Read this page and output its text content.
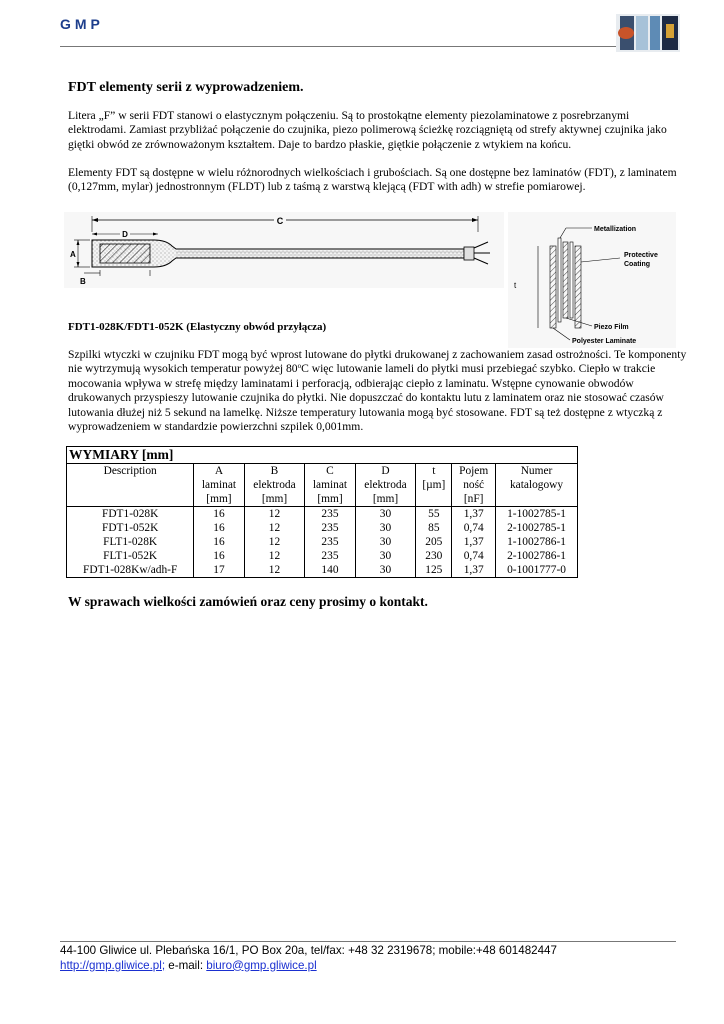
GMP
FDT elementy serii z wyprowadzeniem.
Litera „F” w serii FDT stanowi o elastycznym połączeniu. Są to prostokątne elementy piezolaminatowe z posrebrzanymi elektrodami. Zamiast przybliżać połączenie do czujnika, piezo polimerową ścieżkę rozciągniętą od strefy aktywnej czujnika jako giętki obwód ze zrównoważonym kształtem. Daje to bardzo płaskie, giętkie połączenie z wtykiem na końcu.
Elementy FDT są dostępne w wielu różnorodnych wielkościach i grubościach. Są one dostępne bez laminatów (FDT), z laminatem (0,127mm, mylar) jednostronnym (FLDT) lub z taśmą z warstwą klejącą (FDT with adh) w strefie pomiarowej.
C
D
A
B	t
Metallization
Protective
Coating
Piezo Film
Polyester Laminate
FDT1-028K/FDT1-052K (Elastyczny obwód przyłącza)
Szpilki wtyczki w czujniku FDT mogą być wprost lutowane do płytki drukowanej z zachowaniem zasad ostrożności. Te komponenty nie wytrzymują wysokich temperatur powyżej 80$^o$C więc lutowanie lameli do płytki musi przebiegać szybko. Ciepło w trakcie mocowania wpływa w strefę między laminatami i perforacją, odbierając ciepło z laminatu. Wstępne cynowanie obwodów drukowanych przyspieszy lutowanie czujnika do płytki. Nie dopuszczać do kontaktu lutu z laminatem oraz nie stosować czasów lutowania dłużej niż 5 sekund na lamelkę. Niższe temperatury lutowania mogą być stosowane. FDT są też dostępne z wtyczką z wyprowadzeniem w standardzie powierzchni szpilek 0,001mm.
WYMIARY [mm]							
Description	A	B	C	D	t	Pojem	Numer
	laminat	elektroda	laminat	elektroda	[µm]	ność	katalogowy
	[mm]	[mm]	[mm]	[mm]		[nF]	
FDT1-028K	16	12	235	30	55	1,37	1-1002785-1
FDT1-052K	16	12	235	30	85	0,74	2-1002785-1
FLT1-028K	16	12	235	30	205	1,37	1-1002786-1
FLT1-052K	16	12	235	30	230	0,74	2-1002786-1
FDT1-028Kw/adh-F	17	12	140	30	125	1,37	0-1001777-0
W sprawach wielkości zamówień oraz ceny prosimy o kontakt.
44-100 Gliwice ul. Plebańska 16/1, PO Box 20a, tel/fax: +48 32 2319678; mobile:+48 601482447
http://gmp.gliwice.pl; e-mail: biuro@gmp.gliwice.pl
